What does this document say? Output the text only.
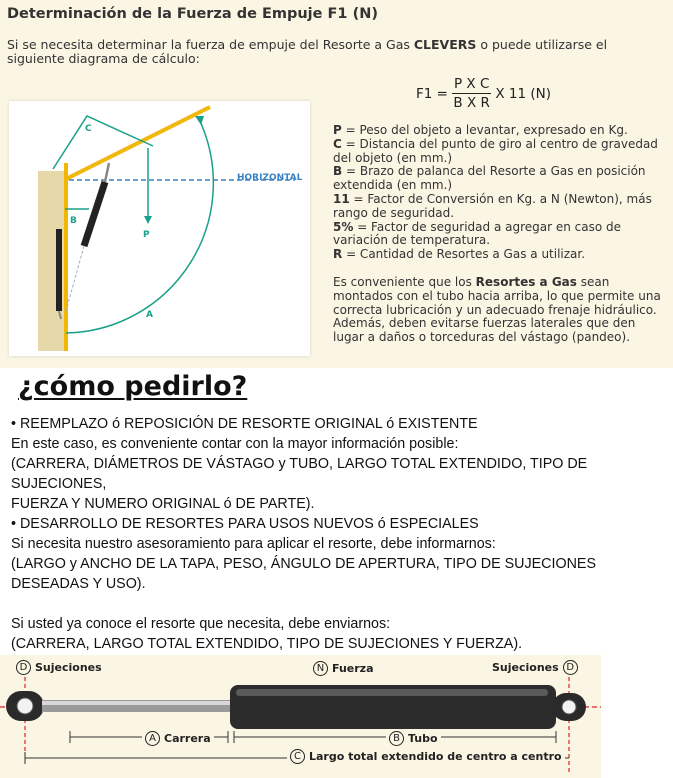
Determinación de la Fuerza de Empuje F1 (N)
Si se necesita determinar la fuerza de empuje del Resorte a Gas CLEVERS o puede utilizarse el siguiente diagrama de cálculo:
$F1 = \frac{\text{P X C}}{\text{B X R}}$ X 11 (N)
HORIZONTAL
C
P
B
A

P = Peso del objeto a levantar, expresado en Kg.

C = Distancia del punto de giro al centro de gravedad del objeto (en mm.)

B = Brazo de palanca del Resorte a Gas en posición extendida (en mm.)

11 = Factor de Conversión en Kg. a N (Newton), más rango de seguridad.

5% = Factor de seguridad a agregar en caso de variación de temperatura.

R = Cantidad de Resortes a Gas a utilizar.

Es conveniente que los Resortes a Gas sean montados con el tubo hacia arriba, lo que permite una correcta lubricación y un adecuado frenaje hidráulico.

Además, deben evitarse fuerzas laterales que den lugar a daños o torceduras del vástago (pandeo).

¿cómo pedirlo?

• REEMPLAZO ó REPOSICIÓN DE RESORTE ORIGINAL ó EXISTENTE

En este caso, es conveniente contar con la mayor información posible:

(CARRERA, DIÁMETROS DE VÁSTAGO y TUBO, LARGO TOTAL EXTENDIDO, TIPO DE SUJECIONES,

FUERZA Y NUMERO ORIGINAL ó DE PARTE).

• DESARROLLO DE RESORTES PARA USOS NUEVOS ó ESPECIALES

Si necesita nuestro asesoramiento para aplicar el resorte, debe informarnos:

(LARGO y ANCHO DE LA TAPA, PESO, ÁNGULO DE APERTURA, TIPO DE SUJECIONES DESEADAS Y USO).

Si usted ya conoce el resorte que necesita, debe enviarnos:

(CARRERA, LARGO TOTAL EXTENDIDO, TIPO DE SUJECIONES Y FUERZA).

D Sujeciones	N Fuerza	Sujeciones D
A Carrera	B Tubo
C Largo total extendido de centro a centro
